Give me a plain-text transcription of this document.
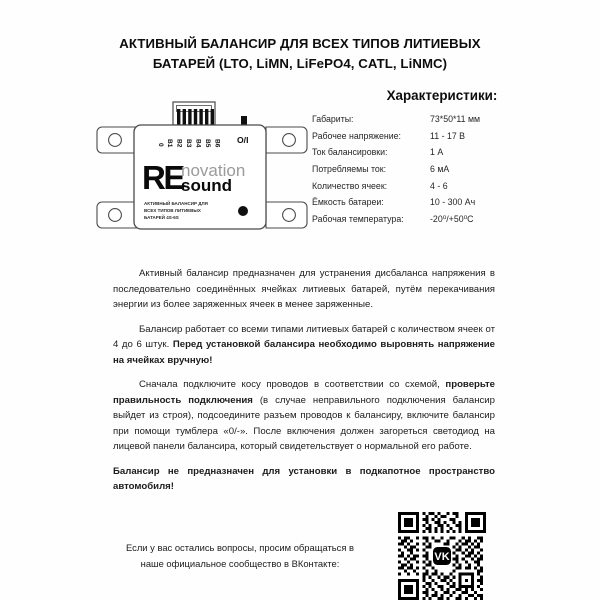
АКТИВНЫЙ БАЛАНСИР ДЛЯ ВСЕХ ТИПОВ ЛИТИЕВЫХ
БАТАРЕЙ (LTO, LiMN, LiFePO4, CATL, LiNMC)
0 B1 B2 B3 B4 B5 B6 O/I
RE
novation
sound
АКТИВНЫЙ БАЛАНСИР ДЛЯ
ВСЕХ ТИПОВ ЛИТИЕВЫХ
БАТАРЕЙ 4S-6S
Характеристики:
Габариты:	73*50*11 мм
Рабочее напряжение:	11 - 17 В
Ток балансировки:	1 А
Потребляемы ток:	6 мА
Количество ячеек:	4 - 6
Ёмкость батареи:	10 - 300 Ач
Рабочая температура:	-20⁰/+50⁰С

Активный балансир предназначен для устранения дисбаланса напряжения в последовательно соединённых ячейках литиевых батарей, путём перекачивания энергии из более заряженных ячеек в менее заряженные.

Балансир работает со всеми типами литиевых батарей с количеством ячеек от 4 до 6 штук. Перед установкой балансира необходимо выровнять напряжение на ячейках вручную!

Сначала подключите косу проводов в соответствии со схемой, проверьте правильность подключения (в случае неправильного подключения балансир выйдет из строя), подсоедините разъем проводов к балансиру, включите балансир при помощи тумблера «0/-». После включения должен загореться светодиод на лицевой панели балансира, который свидетельствует о нормальной его работе.

Балансир не предназначен для установки в подкапотное пространство автомобиля!

Если у вас остались вопросы, просим обращаться в
наше официальное сообщество в ВКонтакте:
VK
